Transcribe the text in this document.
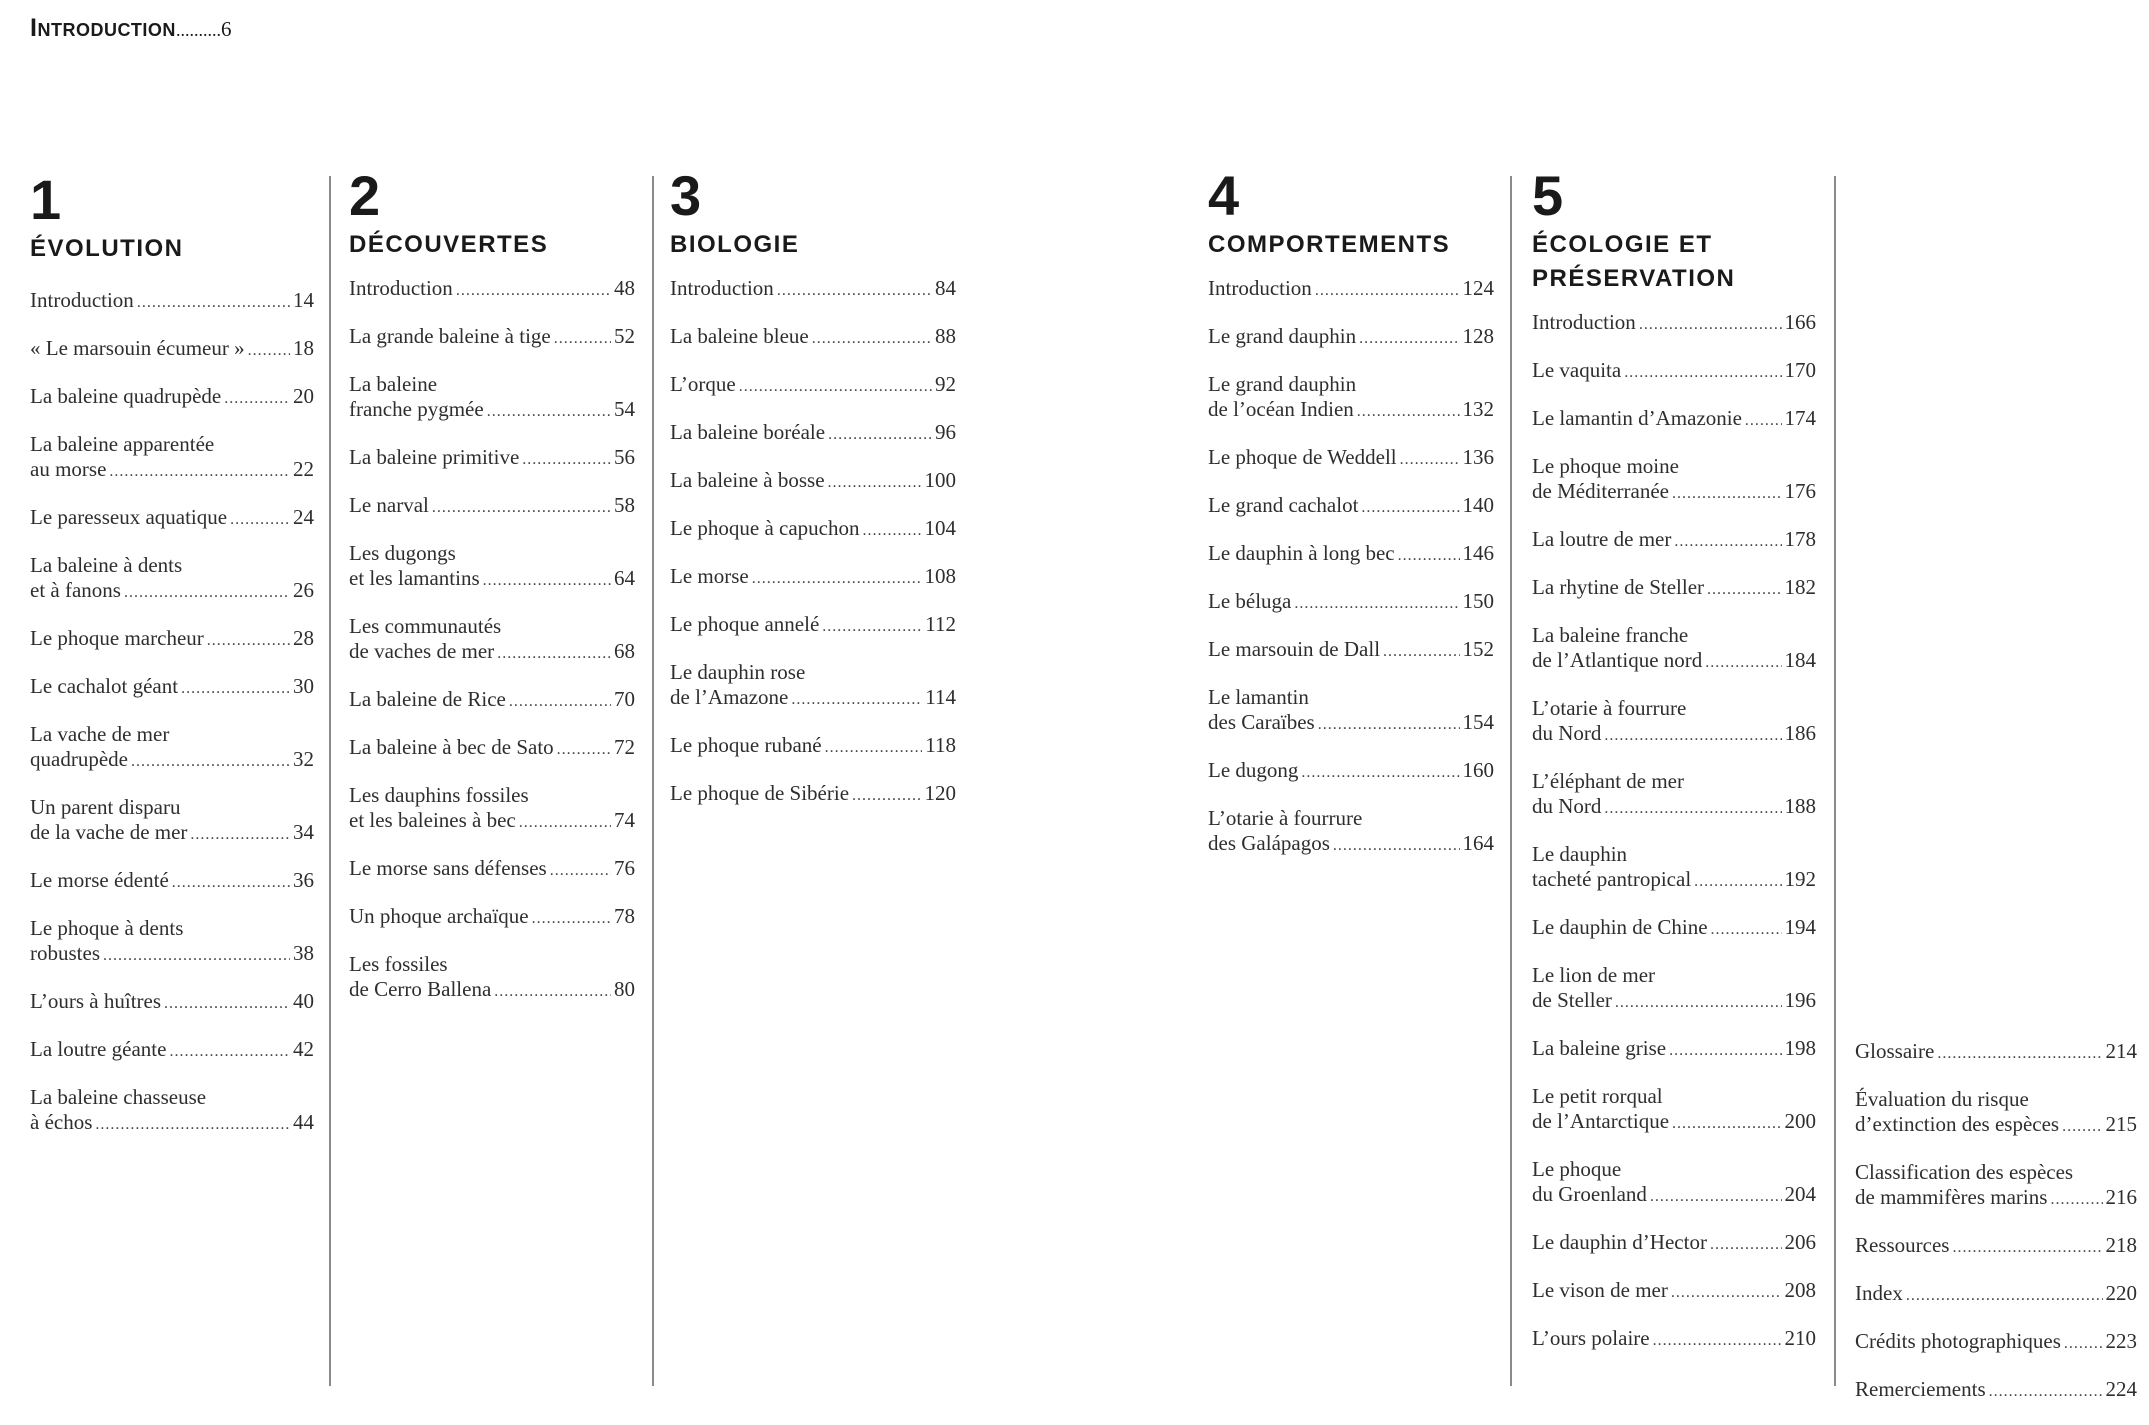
Introduction..........6
1
ÉVOLUTION
Introduction .....	14
« Le marsouin écumeur » ..... 18
La baleine quadrupède .....	20
La baleine apparentée
au morse .....	22
Le paresseux aquatique .....	24
La baleine à dents
et à fanons .....	26
Le phoque marcheur .....	28
Le cachalot géant .....	30
La vache de mer
quadrupède .....	32
Un parent disparu
de la vache de mer .....	34
Le morse édenté .....	36
Le phoque à dents
robustes .....	38
L’ours à huîtres .....	40
La loutre géante .....	42
La baleine chasseuse
à échos .....	44
2
DÉCOUVERTES
Introduction .....	48
La grande baleine à tige .....	52
La baleine
franche pygmée .....	54
La baleine primitive .....	56
Le narval .....	58
Les dugongs
et les lamantins .....	64
Les communautés
de vaches de mer .....	68
La baleine de Rice .....	70
La baleine à bec de Sato .....	72
Les dauphins fossiles
et les baleines à bec .....	74
Le morse sans défenses .....	76
Un phoque archaïque .....	78
Les fossiles
de Cerro Ballena .....	80
3
BIOLOGIE
Introduction .....	84
La baleine bleue .....	88
L’orque .....	92
La baleine boréale .....	96
La baleine à bosse .....	100
Le phoque à capuchon .....	104
Le morse .....	108
Le phoque annelé .....	112
Le dauphin rose
de l’Amazone .....	114
Le phoque rubané .....	118
Le phoque de Sibérie .....	120
4
COMPORTEMENTS
Introduction .....	124
Le grand dauphin .....	128
Le grand dauphin
de l’océan Indien .....	132
Le phoque de Weddell .....	136
Le grand cachalot .....	140
Le dauphin à long bec .....	146
Le béluga .....	150
Le marsouin de Dall .....	152
Le lamantin
des Caraïbes .....	154
Le dugong .....	160
L’otarie à fourrure
des Galápagos .....	164
5
ÉCOLOGIE ET
PRÉSERVATION
Introduction .....	166
Le vaquita .....	170
Le lamantin d’Amazonie ..... 174
Le phoque moine
de Méditerranée .....	176
La loutre de mer .....	178
La rhytine de Steller .....	182
La baleine franche
de l’Atlantique nord .....	184
L’otarie à fourrure
du Nord .....	186
L’éléphant de mer
du Nord .....	188
Le dauphin
tacheté pantropical .....	192
Le dauphin de Chine .....	194
Le lion de mer
de Steller .....	196
La baleine grise .....	198
Le petit rorqual
de l’Antarctique .....	200
Le phoque
du Groenland .....	204
Le dauphin d’Hector .....	206
Le vison de mer .....	208
L’ours polaire .....	210
Glossaire .....	214
Évaluation du risque
d’extinction des espèces ..... 215
Classification des espèces
de mammifères marins .....	216
Ressources .....	218
Index .....	220
Crédits photographiques ..... 223
Remerciements .....	224
